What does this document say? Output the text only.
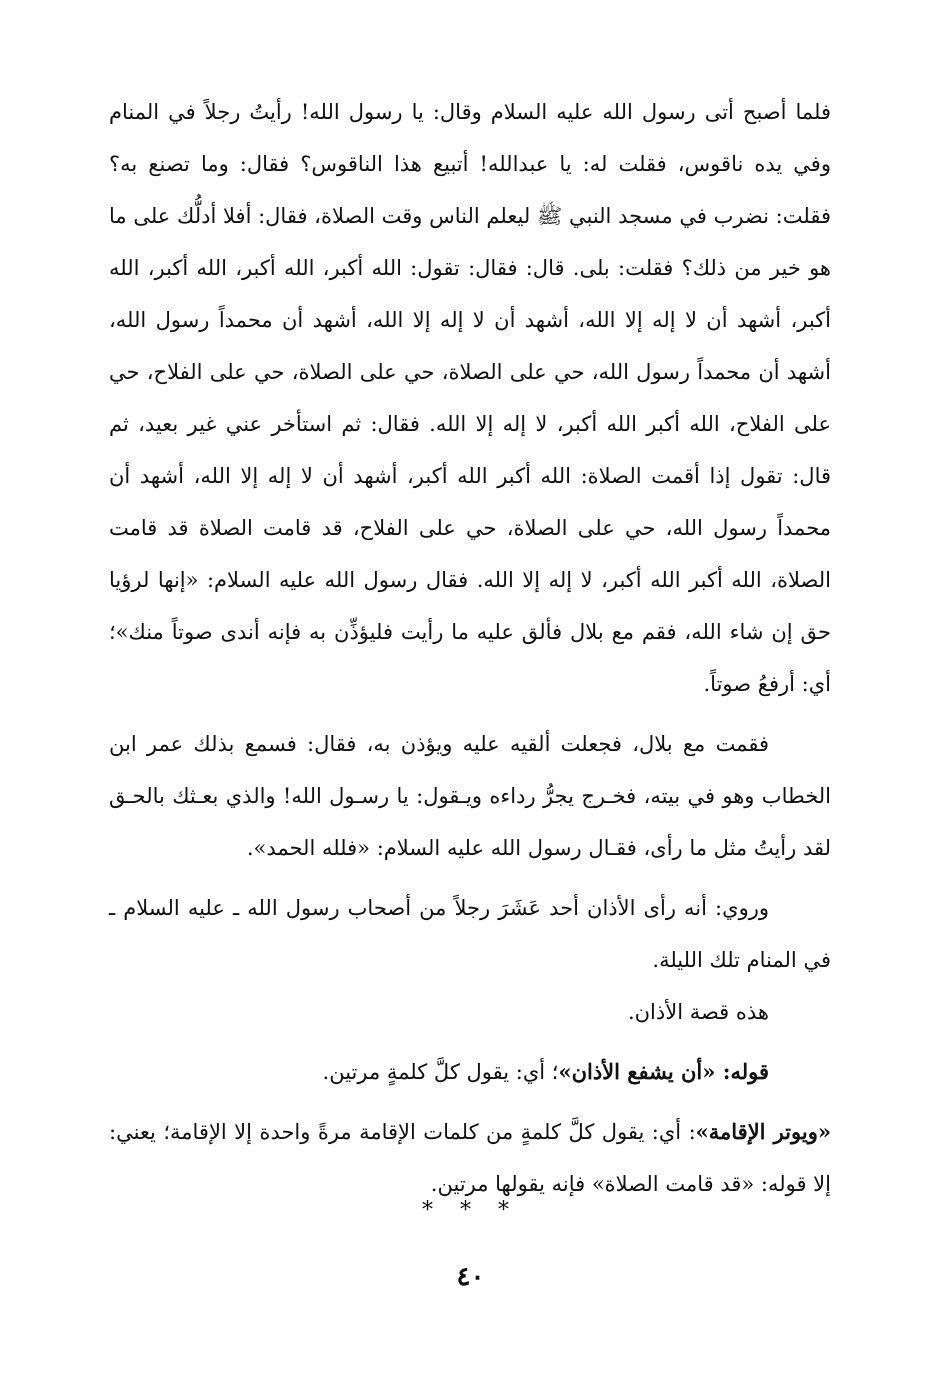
فلما أصبح أتى رسول الله عليه السلام وقال: يا رسول الله! رأيتُ رجلاً في المنام وفي يده ناقوس، فقلت له: يا عبدالله! أتبيع هذا الناقوس؟ فقال: وما تصنع به؟ فقلت: نضرب في مسجد النبي ﷺ ليعلم الناس وقت الصلاة، فقال: أفلا أدلُّك على ما هو خير من ذلك؟ فقلت: بلى. قال: فقال: تقول: الله أكبر، الله أكبر، الله أكبر، الله أكبر، أشهد أن لا إله إلا الله، أشهد أن لا إله إلا الله، أشهد أن محمداً رسول الله، أشهد أن محمداً رسول الله، حي على الصلاة، حي على الصلاة، حي على الفلاح، حي على الفلاح، الله أكبر الله أكبر، لا إله إلا الله. فقال: ثم استأخر عني غير بعيد، ثم قال: تقول إذا أقمت الصلاة: الله أكبر الله أكبر، أشهد أن لا إله إلا الله، أشهد أن محمداً رسول الله، حي على الصلاة، حي على الفلاح، قد قامت الصلاة قد قامت الصلاة، الله أكبر الله أكبر، لا إله إلا الله. فقال رسول الله عليه السلام: «إنها لرؤيا حق إن شاء الله، فقم مع بلال فألق عليه ما رأيت فليؤذِّن به فإنه أندى صوتاً منك»؛ أي: أرفعُ صوتاً.

فقمت مع بلال، فجعلت ألقيه عليه ويؤذن به، فقال: فسمع بذلك عمر ابن الخطاب وهو في بيته، فخـرج يجرُّ رداءه ويـقول: يا رسـول الله! والذي بعـثك بالحـق لقد رأيتُ مثل ما رأى، فقـال رسول الله عليه السلام: «فلله الحمد».

وروي: أنه رأى الأذان أحد عَشَرَ رجلاً من أصحاب رسول الله ـ عليه السلام ـ في المنام تلك الليلة.

هذه قصة الأذان.

قوله: «أن يشفع الأذان»؛ أي: يقول كلَّ كلمةٍ مرتين.

«ويوتر الإقامة»: أي: يقول كلَّ كلمةٍ من كلمات الإقامة مرةً واحدة إلا الإقامة؛ يعني: إلا قوله: «قد قامت الصلاة» فإنه يقولها مرتين.

* * *
٤٠
